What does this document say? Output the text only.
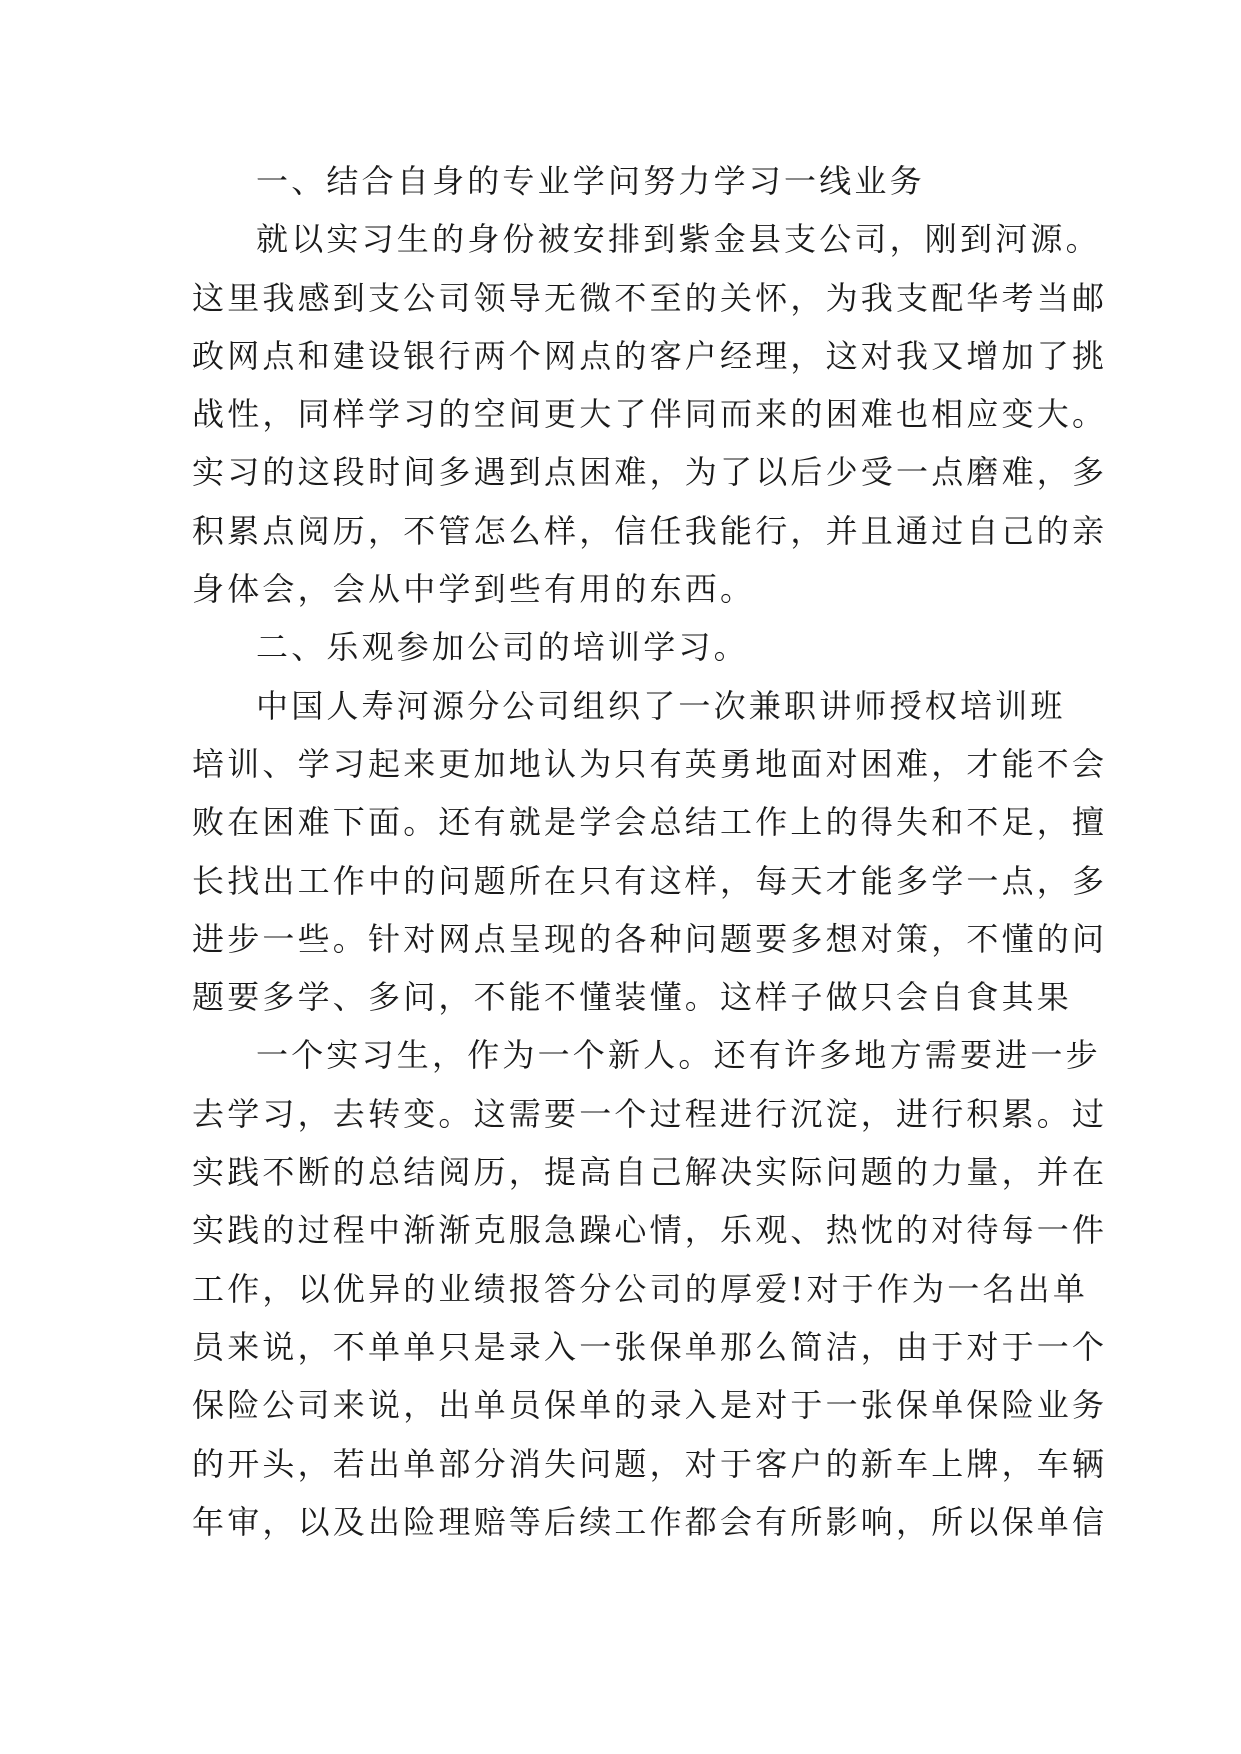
一、结合自身的专业学问努力学习一线业务
就以实习生的身份被安排到紫金县支公司，刚到河源。
这里我感到支公司领导无微不至的关怀，为我支配华考当邮
政网点和建设银行两个网点的客户经理，这对我又增加了挑
战性，同样学习的空间更大了伴同而来的困难也相应变大。
实习的这段时间多遇到点困难，为了以后少受一点磨难，多
积累点阅历，不管怎么样，信任我能行，并且通过自己的亲
身体会，会从中学到些有用的东西。
二、乐观参加公司的培训学习。
中国人寿河源分公司组织了一次兼职讲师授权培训班
培训、学习起来更加地认为只有英勇地面对困难，才能不会
败在困难下面。还有就是学会总结工作上的得失和不足，擅
长找出工作中的问题所在只有这样，每天才能多学一点，多
进步一些。针对网点呈现的各种问题要多想对策，不懂的问
题要多学、多问，不能不懂装懂。这样子做只会自食其果
一个实习生，作为一个新人。还有许多地方需要进一步
去学习，去转变。这需要一个过程进行沉淀，进行积累。过
实践不断的总结阅历，提高自己解决实际问题的力量，并在
实践的过程中渐渐克服急躁心情，乐观、热忱的对待每一件
工作，以优异的业绩报答分公司的厚爱!对于作为一名出单
员来说，不单单只是录入一张保单那么简洁，由于对于一个
保险公司来说，出单员保单的录入是对于一张保单保险业务
的开头，若出单部分消失问题，对于客户的新车上牌，车辆
年审，以及出险理赔等后续工作都会有所影响，所以保单信
